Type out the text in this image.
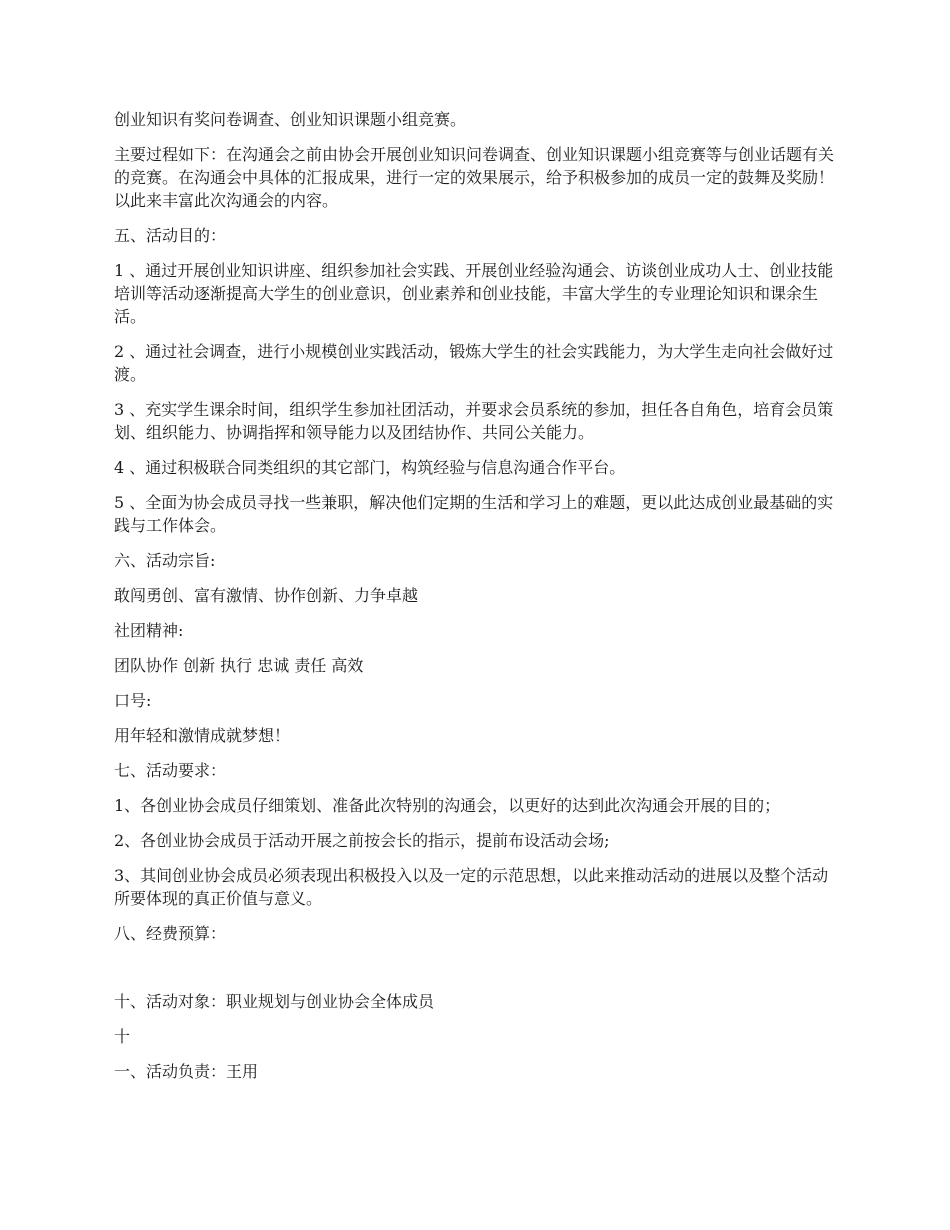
创业知识有奖问卷调查、创业知识课题小组竞赛。

主要过程如下：在沟通会之前由协会开展创业知识问卷调查、创业知识课题小组竞赛等与创业话题有关的竞赛。在沟通会中具体的汇报成果，进行一定的效果展示，给予积极参加的成员一定的鼓舞及奖励！以此来丰富此次沟通会的内容。

五、活动目的：

1 、通过开展创业知识讲座、组织参加社会实践、开展创业经验沟通会、访谈创业成功人士、创业技能培训等活动逐渐提高大学生的创业意识，创业素养和创业技能，丰富大学生的专业理论知识和课余生活。

2 、通过社会调查，进行小规模创业实践活动，锻炼大学生的社会实践能力，为大学生走向社会做好过渡。

3 、充实学生课余时间，组织学生参加社团活动，并要求会员系统的参加，担任各自角色，培育会员策划、组织能力、协调指挥和领导能力以及团结协作、共同公关能力。

4 、通过积极联合同类组织的其它部门，构筑经验与信息沟通合作平台。

5 、全面为协会成员寻找一些兼职，解决他们定期的生活和学习上的难题，更以此达成创业最基础的实践与工作体会。

六、活动宗旨:

敢闯勇创、富有激情、协作创新、力争卓越

社团精神:

团队协作 创新 执行 忠诚 责任 高效

口号:

用年轻和激情成就梦想！

七、活动要求：

1、各创业协会成员仔细策划、准备此次特别的沟通会，以更好的达到此次沟通会开展的目的；

2、各创业协会成员于活动开展之前按会长的指示，提前布设活动会场;

3、其间创业协会成员必须表现出积极投入以及一定的示范思想，以此来推动活动的进展以及整个活动所要体现的真正价值与意义。

八、经费预算：

十、活动对象：职业规划与创业协会全体成员

十

一、活动负责：王用
